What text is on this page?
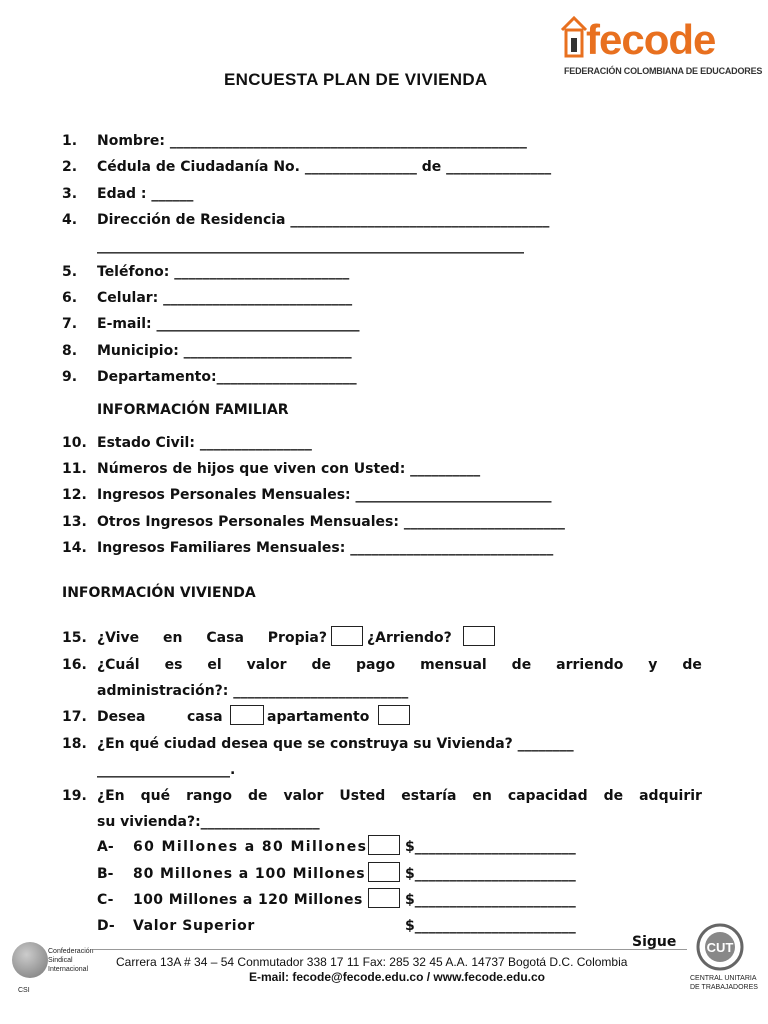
fecode
FEDERACIÓN COLOMBIANA DE EDUCADORES
ENCUESTA PLAN DE VIVIENDA
1.	Nombre: ___________________________________________________
2.	Cédula de Ciudadanía No. ________________ de _______________
3.	Edad : ______
4.	Dirección de Residencia _____________________________________
_____________________________________________________________
5.	Teléfono: _________________________
6.	Celular: ___________________________
7.	E-mail: _____________________________
8.	Municipio: ________________________
9.	Departamento:____________________
INFORMACIÓN FAMILIAR
10. Estado Civil: ________________
11. Números de hijos que viven con Usted: __________
12. Ingresos Personales Mensuales: ____________________________
13. Otros Ingresos Personales Mensuales: _______________________
14. Ingresos Familiares Mensuales: _____________________________
INFORMACIÓN VIVIENDA
15. ¿Vive en Casa Propia?	¿Arriendo?
16. ¿Cuál es el valor de pago mensual de arriendo y de
administración?: _________________________
17. Desea	casa	apartamento
18. ¿En qué ciudad desea que se construya su Vivienda? ________
___________________.
19. ¿En qué rango de valor Usted estaría en capacidad de adquirir
su vivienda?:_________________
A- 60 Millones a 80 Millones	$_______________________
B- 80 Millones a 100 Millones	$_______________________
C- 100 Millones a 120 Millones	$_______________________
D- Valor Superior	$_______________________
Sigue
Confederación
Sindical
Internacional
CSI
Carrera 13A # 34 – 54 Conmutador 338 17 11 Fax: 285 32 45 A.A. 14737 Bogotá D.C. Colombia
E-mail: fecode@fecode.edu.co / www.fecode.edu.co
CUT
CENTRAL UNITARIA
DE TRABAJADORES
